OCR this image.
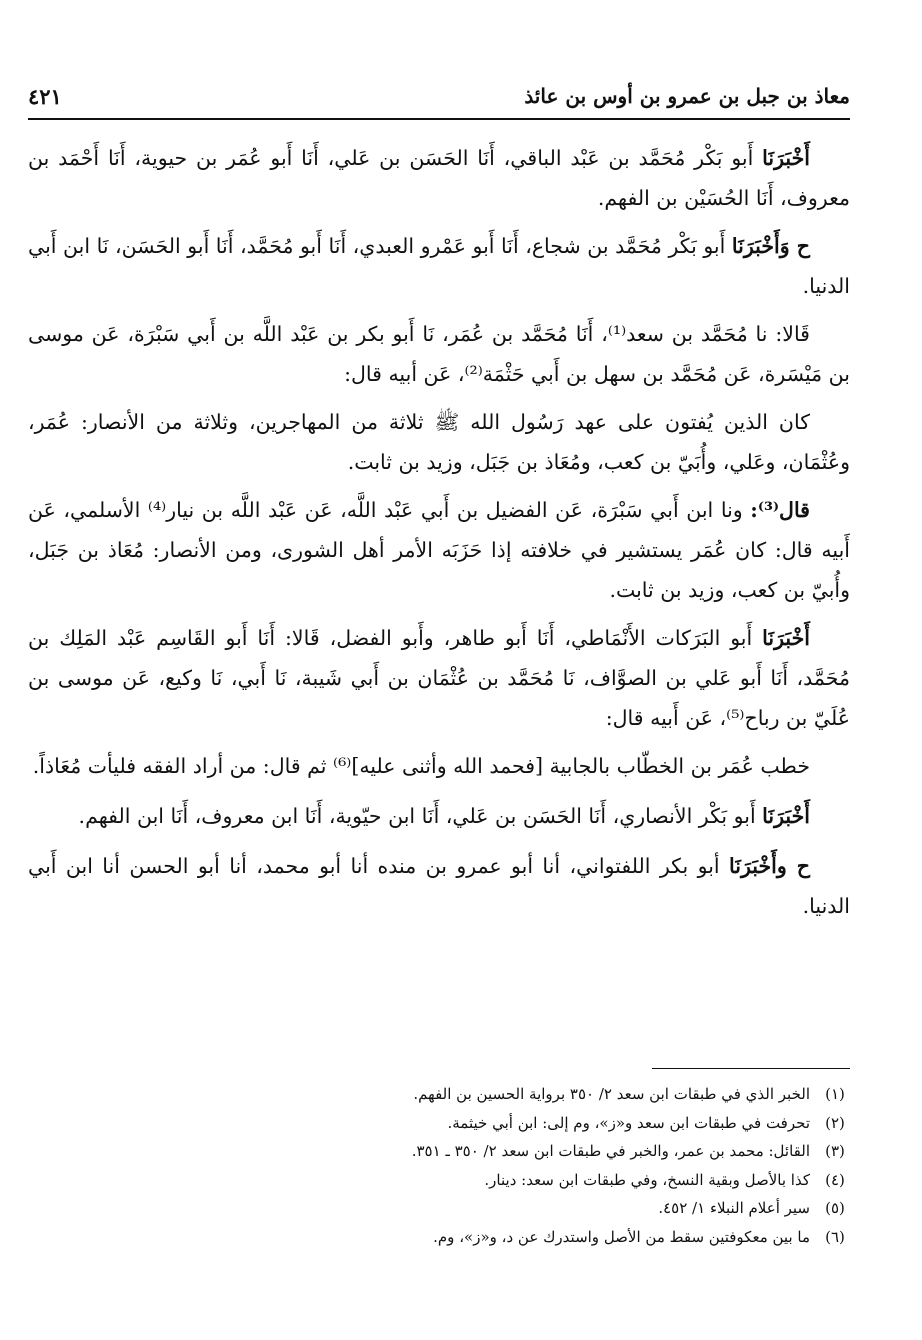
معاذ بن جبل بن عمرو بن أوس بن عائذ
٤٢١

أَخْبَرَنَا أَبو بَكْر مُحَمَّد بن عَبْد الباقي، أَنَا الحَسَن بن عَلي، أَنَا أَبو عُمَر بن حيوية، أَنَا أَحْمَد بن معروف، أَنَا الحُسَيْن بن الفهم.

ح وَأَخْبَرَنَا أَبو بَكْر مُحَمَّد بن شجاع، أَنَا أَبو عَمْرو العبدي، أَنَا أَبو مُحَمَّد، أَنَا أَبو الحَسَن، نَا ابن أَبي الدنيا.

قَالا: نا مُحَمَّد بن سعد⁽¹⁾، أَنَا مُحَمَّد بن عُمَر، نَا أَبو بكر بن عَبْد اللَّه بن أَبي سَبْرَة، عَن موسى بن مَيْسَرة، عَن مُحَمَّد بن سهل بن أَبي حَثْمَة⁽²⁾، عَن أبيه قال:

كان الذين يُفتون على عهد رَسُول الله ﷺ ثلاثة من المهاجرين، وثلاثة من الأنصار: عُمَر، وعُثْمَان، وعَلي، وأُبَيّ بن كعب، ومُعَاذ بن جَبَل، وزيد بن ثابت.

قال⁽³⁾: ونا ابن أَبي سَبْرَة، عَن الفضيل بن أَبي عَبْد اللَّه، عَن عَبْد اللَّه بن نيار⁽⁴⁾ الأسلمي، عَن أَبيه قال: كان عُمَر يستشير في خلافته إذا حَزَبَه الأمر أهل الشورى، ومن الأنصار: مُعَاذ بن جَبَل، وأُبيّ بن كعب، وزيد بن ثابت.

أَخْبَرَنَا أَبو البَرَكات الأَنْمَاطي، أَنَا أَبو طاهر، وأَبو الفضل، قَالا: أَنَا أَبو القَاسِم عَبْد المَلِك بن مُحَمَّد، أَنَا أَبو عَلي بن الصوَّاف، نَا مُحَمَّد بن عُثْمَان بن أَبي شَيبة، نَا أَبي، نَا وكيع، عَن موسى بن عُلَيّ بن رباح⁽⁵⁾، عَن أَبيه قال:

خطب عُمَر بن الخطّاب بالجابية [فحمد الله وأثنى عليه]⁽⁶⁾ ثم قال: من أراد الفقه فليأت مُعَاذاً.

أَخْبَرَنَا أَبو بَكْر الأنصاري، أَنَا الحَسَن بن عَلي، أَنَا ابن حيّوية، أَنَا ابن معروف، أَنَا ابن الفهم.

ح وأَخْبَرَنَا أبو بكر اللفتواني، أنا أبو عمرو بن منده أنا أبو محمد، أنا أبو الحسن أنا ابن أَبي الدنيا.

(١)
الخبر الذي في طبقات ابن سعد ٢/ ٣٥٠ برواية الحسين بن الفهم.
(٢)
تحرفت في طبقات ابن سعد و«ز»، وم إلى: ابن أبي خيثمة.
(٣)
القائل: محمد بن عمر، والخبر في طبقات ابن سعد ٢/ ٣٥٠ ـ ٣٥١.
(٤)
كذا بالأصل وبقية النسخ، وفي طبقات ابن سعد: دينار.
(٥)
سير أعلام النبلاء ١/ ٤٥٢.
(٦)
ما بين معكوفتين سقط من الأصل واستدرك عن د، و«ز»، وم.
